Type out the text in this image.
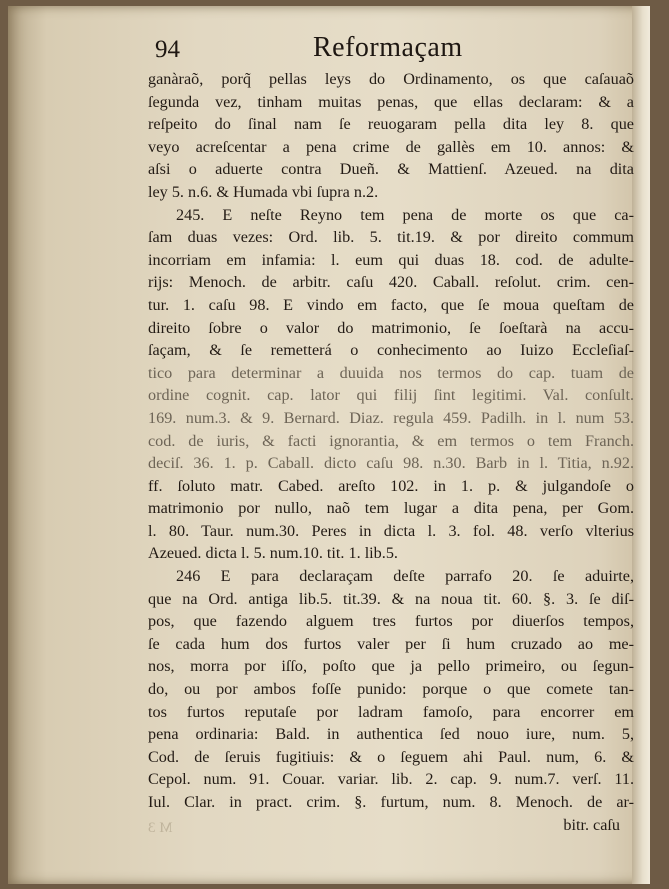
94	Reformaçam
ganàraõ, porq̃ pellas leys do Ordinamento, os que caſauaõ
ſegunda vez, tinham muitas penas, que ellas declaram: & a
reſpeito do ſinal nam ſe reuogaram pella dita ley 8. que
veyo acreſcentar a pena crime de gallès em 10. annos: &
aſsi o aduerte contra Dueñ. & Mattienſ. Azeued. na dita
ley 5. n.6. & Humada vbi ſupra n.2.
245. E neſte Reyno tem pena de morte os que ca-
ſam duas vezes: Ord. lib. 5. tit.19. & por direito commum
incorriam em infamia: l. eum qui duas 18. cod. de adulte-
rijs: Menoch. de arbitr. caſu 420. Caball. reſolut. crim. cen-
tur. 1. caſu 98. E vindo em facto, que ſe moua queſtam de
direito ſobre o valor do matrimonio, ſe ſoeſtarà na accu-
ſaçam, & ſe remetterá o conhecimento ao Iuizo Eccleſiaſ-
tico para determinar a duuida nos termos do cap. tuam de
ordine cognit. cap. lator qui filij ſint legitimi. Val. conſult.
169. num.3. & 9. Bernard. Diaz. regula 459. Padilh. in l. num 53.
cod. de iuris, & facti ignorantia, & em termos o tem Franch.
deciſ. 36. 1. p. Caball. dicto caſu 98. n.30. Barb in l. Titia, n.92.
ff. ſoluto matr. Cabed. areſto 102. in 1. p. & julgandoſe o
matrimonio por nullo, naõ tem lugar a dita pena, per Gom.
l. 80. Taur. num.30. Peres in dicta l. 3. fol. 48. verſo vlterius
Azeued. dicta l. 5. num.10. tit. 1. lib.5.
246 E para declaraçam deſte parrafo 20. ſe aduirte,
que na Ord. antiga lib.5. tit.39. & na noua tit. 60. §. 3. ſe diſ-
pos, que fazendo alguem tres furtos por diuerſos tempos,
ſe cada hum dos furtos valer per ſi hum cruzado ao me-
nos, morra por iſſo, poſto que ja pello primeiro, ou ſegun-
do, ou por ambos foſſe punido: porque o que comete tan-
tos furtos reputaſe por ladram famoſo, para encorrer em
pena ordinaria: Bald. in authentica ſed nouo iure, num. 5,
Cod. de ſeruis fugitiuis: & o ſeguem ahi Paul. num, 6. &
Cepol. num. 91. Couar. variar. lib. 2. cap. 9. num.7. verſ. 11.
Iul. Clar. in pract. crim. §. furtum, num. 8. Menoch. de ar-
M 3	bitr. caſu
